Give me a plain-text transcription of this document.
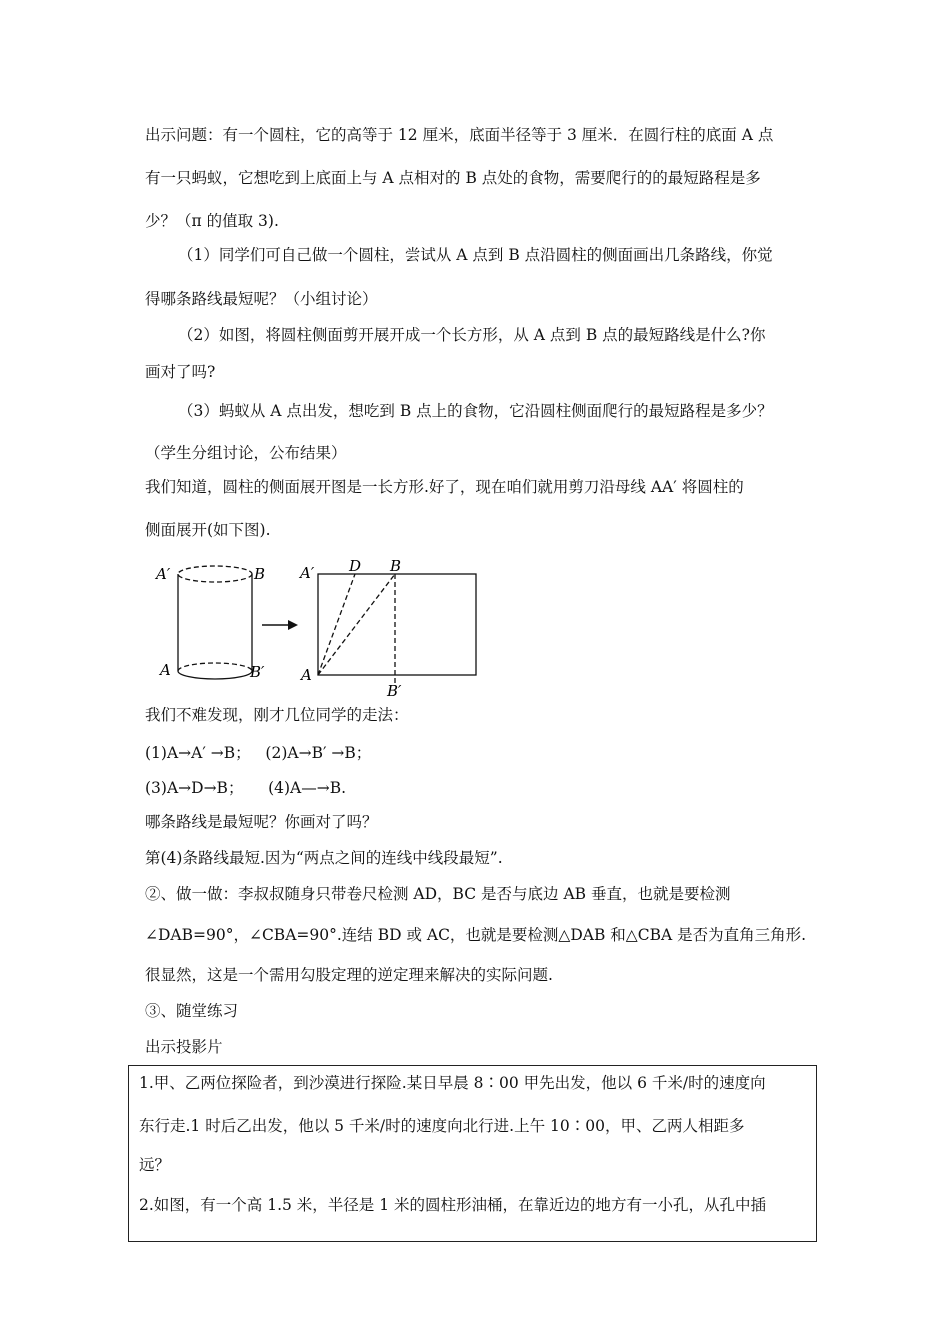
出示问题：有一个圆柱，它的高等于 12 厘米，底面半径等于 3 厘米．在圆行柱的底面 A 点
有一只蚂蚁，它想吃到上底面上与 A 点相对的 B 点处的食物，需要爬行的的最短路程是多
少？（π 的值取 3).
（1）同学们可自己做一个圆柱，尝试从 A 点到 B 点沿圆柱的侧面画出几条路线，你觉
得哪条路线最短呢？（小组讨论）
（2）如图，将圆柱侧面剪开展开成一个长方形，从 A 点到 B 点的最短路线是什么?你
画对了吗?
（3）蚂蚁从 A 点出发，想吃到 B 点上的食物，它沿圆柱侧面爬行的最短路程是多少？
（学生分组讨论，公布结果）
我们知道，圆柱的侧面展开图是一长方形.好了，现在咱们就用剪刀沿母线 AA′ 将圆柱的
侧面展开(如下图).
A′	B
A	B′
A′ D B
A
B′
我们不难发现，刚才几位同学的走法：
(1)A→A′ →B；   (2)A→B′ →B；
(3)A→D→B；     (4)A—→B.
哪条路线是最短呢？你画对了吗？
第(4)条路线最短.因为“两点之间的连线中线段最短”.
②、做一做：李叔叔随身只带卷尺检测 AD，BC 是否与底边 AB 垂直，也就是要检测
∠DAB=90°，∠CBA=90°.连结 BD 或 AC，也就是要检测△DAB 和△CBA 是否为直角三角形.
很显然，这是一个需用勾股定理的逆定理来解决的实际问题.
③、随堂练习
出示投影片
1.甲、乙两位探险者，到沙漠进行探险.某日早晨 8∶00 甲先出发，他以 6 千米/时的速度向
东行走.1 时后乙出发，他以 5 千米/时的速度向北行进.上午 10∶00，甲、乙两人相距多
远？
2.如图，有一个高 1.5 米，半径是 1 米的圆柱形油桶，在靠近边的地方有一小孔，从孔中插
